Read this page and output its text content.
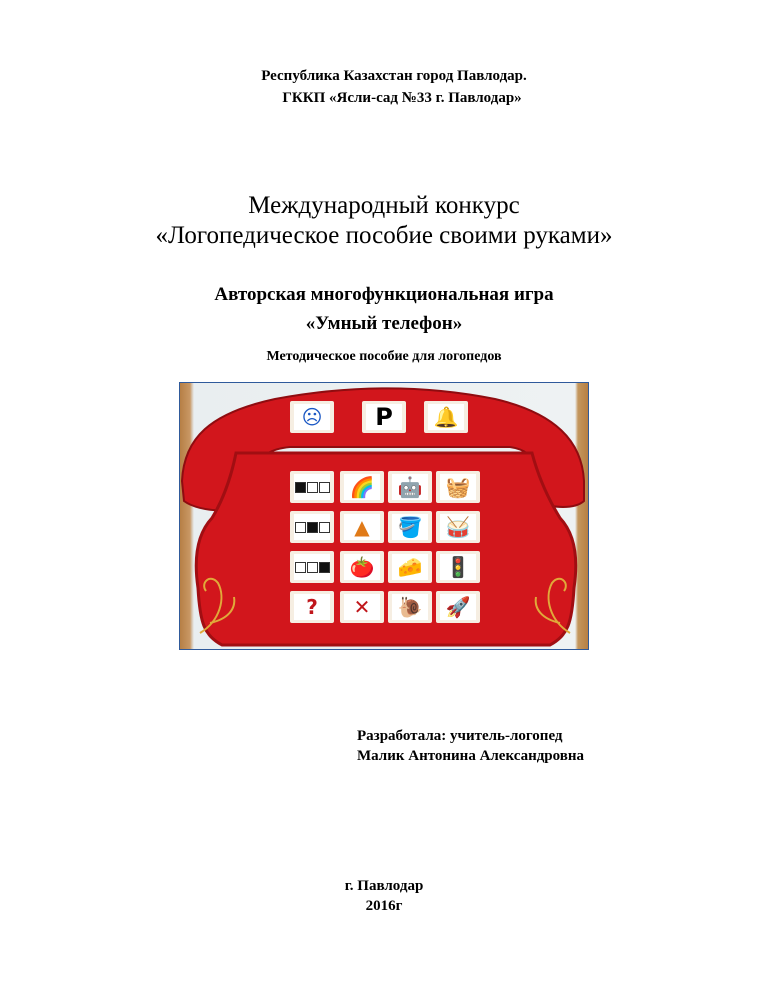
Республика Казахстан город Павлодар.
ГККП «Ясли-сад №33 г. Павлодар»
Международный конкурс
«Логопедическое пособие своими руками»
Авторская многофункциональная игра
«Умный телефон»
Методическое пособие для логопедов
☹	Р	🔔
🌈 🤖 🧺
▲	🪣 🥁
🍅 🧀 🚦
?	✕	🐌 🚀
Разработала: учитель-логопед
Малик Антонина Александровна
г. Павлодар
2016г
